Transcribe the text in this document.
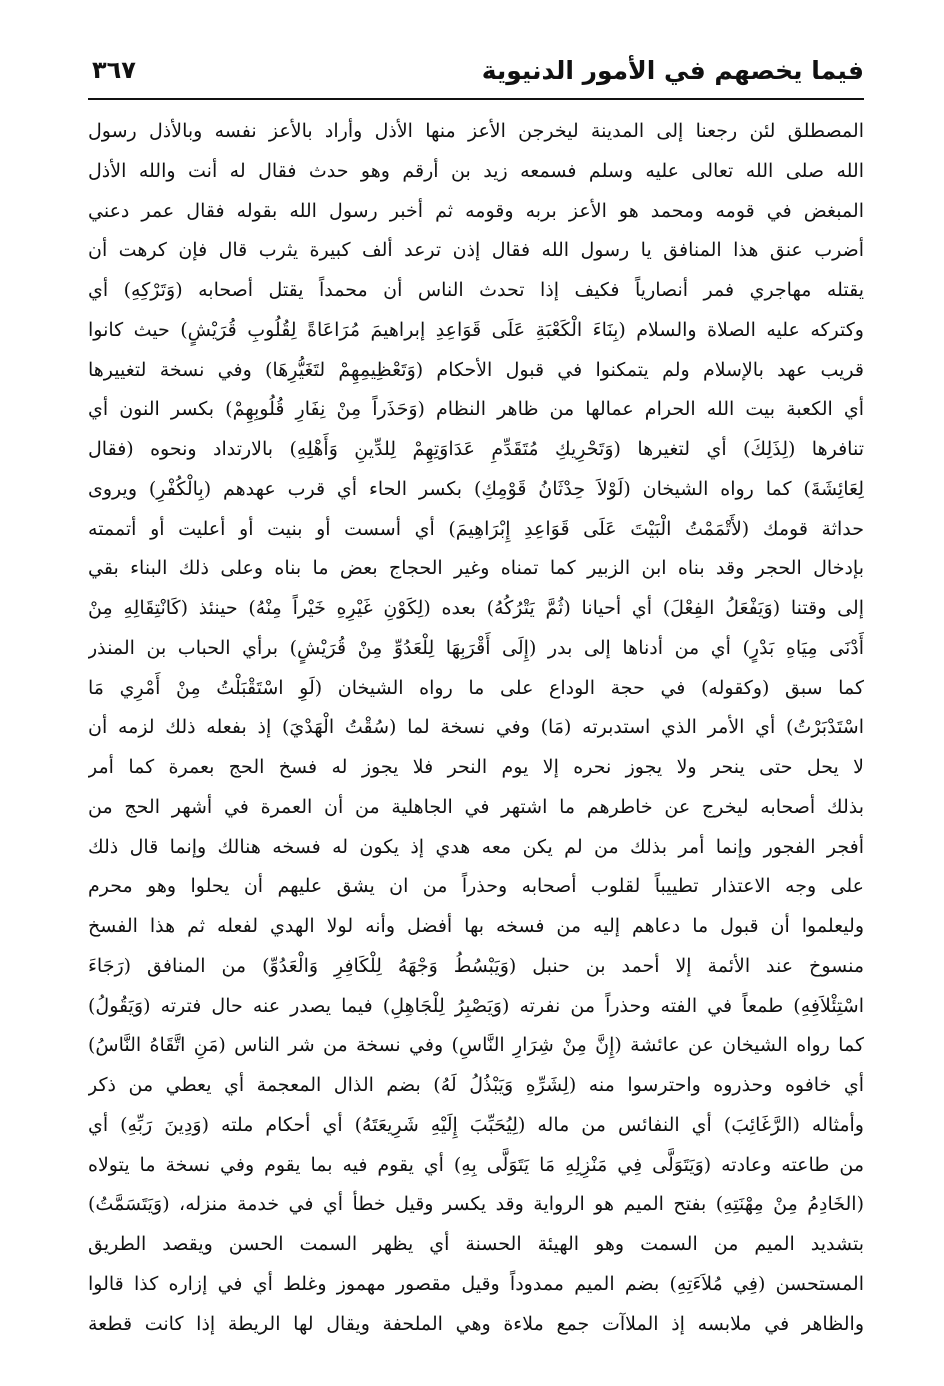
فيما يخصهم في الأمور الدنيوية
٣٦٧
المصطلق لئن رجعنا إلى المدينة ليخرجن الأعز منها الأذل وأراد بالأعز نفسه وبالأذل رسول
الله صلى الله تعالى عليه وسلم فسمعه زيد بن أرقم وهو حدث فقال له أنت والله الأذل
المبغض في قومه ومحمد هو الأعز بربه وقومه ثم أخبر رسول الله بقوله فقال عمر دعني
أضرب عنق هذا المنافق يا رسول الله فقال إذن ترعد ألف كبيرة يثرب قال فإن كرهت أن
يقتله مهاجري فمر أنصارياً فكيف إذا تحدث الناس أن محمداً يقتل أصحابه (وَتَرْكِهِ) أي
وكتركه عليه الصلاة والسلام (بِنَاءَ الْكَعْبَةِ عَلَى قَوَاعِدِ إبراهيمَ مُرَاعَاةً لِقُلُوبِ قُرَيْشٍ) حيث كانوا
قريب عهد بالإسلام ولم يتمكنوا في قبول الأحكام (وَتَعْظِيمِهِمْ لتَغَيُّرِهَا) وفي نسخة لتغييرها
أي الكعبة بيت الله الحرام عمالها من ظاهر النظام (وَحَذَراً مِنْ نِفَارِ قُلُوبِهِمْ) بكسر النون أي
تنافرها (لِذَلِكَ) أي لتغيرها (وَتَحْرِيكِ مُتَقَدِّمِ عَدَاوَتِهِمْ لِلدِّينِ وَأَهْلِهِ) بالارتداد ونحوه (فقال
لِعَائِشَةَ) كما رواه الشيخان (لَوْلاَ حِدْثَانُ قَوْمِكِ) بكسر الحاء أي قرب عهدهم (بِالْكُفْرِ) ويروى
حداثة قومك (لأَتْمَمْتُ الْبَيْتَ عَلَى قَوَاعِدِ إِبْرَاهِيمَ) أي أسست أو بنيت أو أعليت أو أتممته
بإدخال الحجر وقد بناه ابن الزبير كما تمناه وغير الحجاج بعض ما بناه وعلى ذلك البناء بقي
إلى وقتنا (وَيَفْعَلُ الفِعْلَ) أي أحيانا (ثُمَّ يَتْرُكُهُ) بعده (لِكَوْنِ غَيْرِهِ خَيْراً مِنْهُ) حينئذ (كَانْتِقَالِهِ مِنْ
أَدْنَى مِيَاهِ بَدْرٍ) أي من أدناها إلى بدر (إِلَى أَقْرَبِهَا لِلْعَدُوِّ مِنْ قُرَيْشٍ) برأي الحباب بن المنذر
كما سبق (وكقوله) في حجة الوداع على ما رواه الشيخان (لَوِ اسْتَقْبَلْتُ مِنْ أَمْرِي مَا
اسْتَدْبَرْتُ) أي الأمر الذي استدبرته (مَا) وفي نسخة لما (سُقْتُ الْهَدْيَ) إذ بفعله ذلك لزمه أن
لا يحل حتى ينحر ولا يجوز نحره إلا يوم النحر فلا يجوز له فسخ الحج بعمرة كما أمر
بذلك أصحابه ليخرج عن خاطرهم ما اشتهر في الجاهلية من أن العمرة في أشهر الحج من
أفجر الفجور وإنما أمر بذلك من لم يكن معه هدي إذ يكون له فسخه هنالك وإنما قال ذلك
على وجه الاعتذار تطييباً لقلوب أصحابه وحذراً من ان يشق عليهم أن يحلوا وهو محرم
وليعلموا أن قبول ما دعاهم إليه من فسخه بها أفضل وأنه لولا الهدي لفعله ثم هذا الفسخ
منسوخ عند الأئمة إلا أحمد بن حنبل (وَيَبْسُطُ وَجْهَهُ لِلْكَافِرِ وَالْعَدُوِّ) من المنافق (رَجَاءَ
اسْتِئْلاَفِهِ) طمعاً في الفته وحذراً من نفرته (وَيَصْبِرُ لِلْجَاهِلِ) فيما يصدر عنه حال فترته (وَيَقُولُ)
كما رواه الشيخان عن عائشة (إِنَّ مِنْ شِرَارِ النَّاسِ) وفي نسخة من شر الناس (مَنِ اتَّقَاهُ النَّاسُ)
أي خافوه وحذروه واحترسوا منه (لِشَرِّهِ وَيَبْذُلُ لَهُ) بضم الذال المعجمة أي يعطي من ذكر
وأمثاله (الرَّغَائِبَ) أي النفائس من ماله (لِيُحَبِّبَ إِلَيْهِ شَرِيعَتَهُ) أي أحكام ملته (وَدِينَ رَبِّهِ) أي
من طاعته وعادته (وَيَتَوَلَّى فِي مَنْزِلِهِ مَا يَتَوَلَّى بِهِ) أي يقوم فيه بما يقوم وفي نسخة ما يتولاه
(الخَادِمُ مِنْ مِهْنَتِهِ) بفتح الميم هو الرواية وقد يكسر وقيل خطأ أي في خدمة منزله، (وَيَتَسَمَّتُ)
بتشديد الميم من السمت وهو الهيئة الحسنة أي يظهر السمت الحسن ويقصد الطريق
المستحسن (فِي مُلاَءَتِهِ) بضم الميم ممدوداً وقيل مقصور مهموز وغلط أي في إزاره كذا قالوا
والظاهر في ملابسه إذ الملاآت جمع ملاءة وهي الملحفة ويقال لها الريطة إذا كانت قطعة
